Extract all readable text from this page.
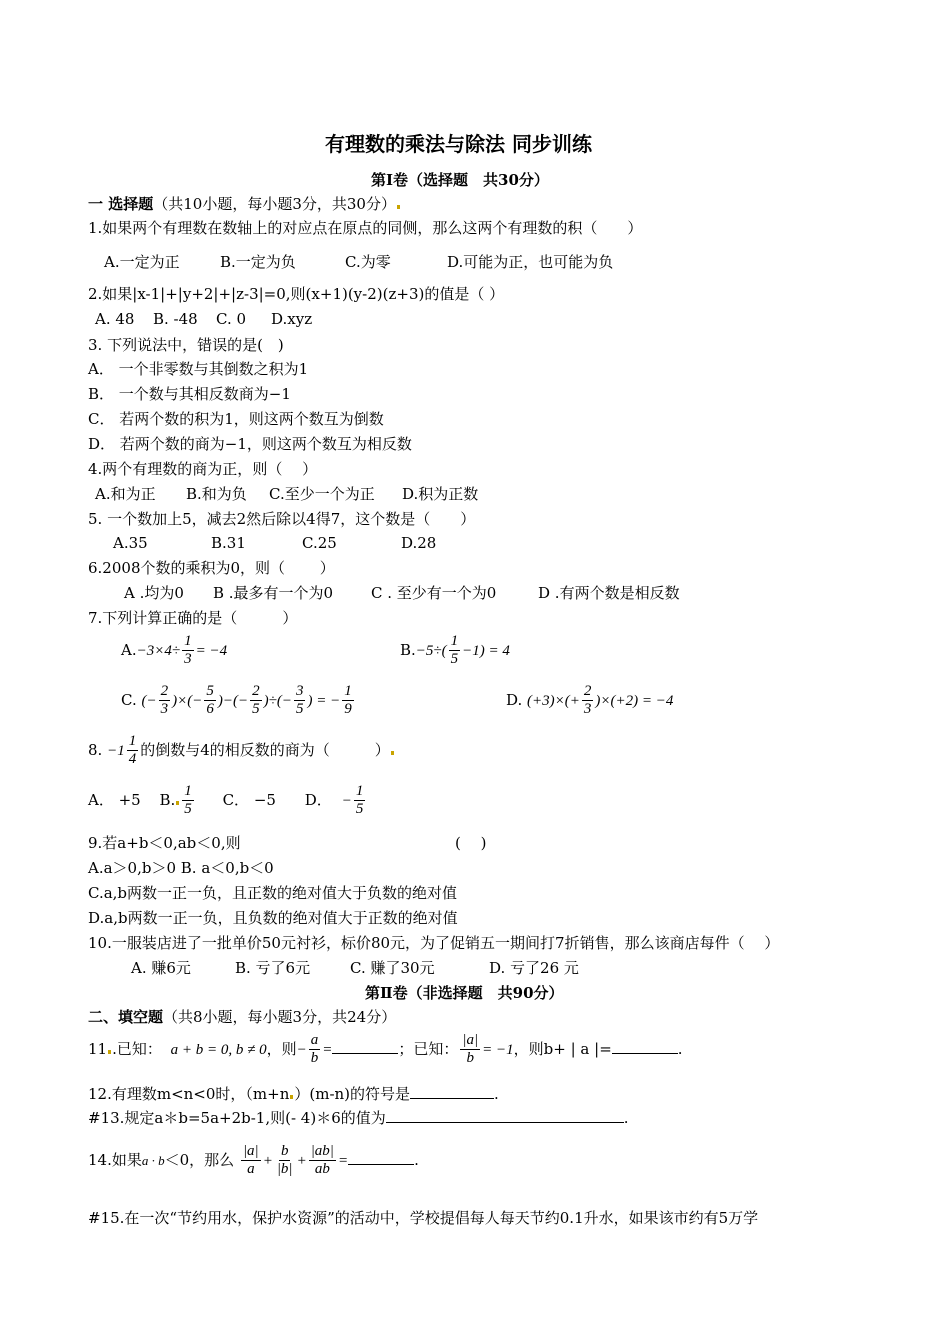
有理数的乘法与除法 同步训练
第Ⅰ卷（选择题　共30分）
一 选择题（共10小题，每小题3分，共30分）
1.如果两个有理数在数轴上的对应点在原点的同侧，那么这两个有理数的积（　　）
A.一定为正	B.一定为负	C.为零	D.可能为正，也可能为负
2.如果|x-1|+|y+2|+|z-3|=0,则(x+1)(y-2)(z+3)的值是（ ）
A. 48 B. -48 C. 0 D.xyz
3. 下列说法中，错误的是(　)
A． 一个非零数与其倒数之积为1
B． 一个数与其相反数商为−1
C． 若两个数的积为1，则这两个数互为倒数
D． 若两个数的商为−1，则这两个数互为相反数
4.两个有理数的商为正，则（　 ）
A.和为正 B.和为负 C.至少一个为正 D.积为正数
5. 一个数加上5，减去2然后除以4得7，这个数是（　　）
A.35	B.31	C.25	D.28
6.2008个数的乘积为0，则（　　 ）
A .均为0 B .最多有一个为0	C . 至少有一个为0	D .有两个数是相反数
7.下列计算正确的是（　　　）
$A.-3\times 4\div \frac{1}{3} = -4$	$B.-5\div( \frac{1}{5} -1) = 4$
C. (− $\frac{2}{3}$ )×(− $\frac{5}{6}$ )−(− $\frac{2}{5}$ )÷(− $\frac{3}{5}$ ) = − $\frac{1}{9}$	D. $(+3)\times(+ \frac{2}{3} )\times(+2) = -4$
8. $-1 \frac{1}{4}$ 的倒数与4的相反数的商为（　　　）
A． +5 B. $\frac{1}{5}$ C． −5 D． − $\frac{1}{5}$
9.若a+b＜0,ab＜0,则	(　 )
A.a＞0,b＞0 B. a＜0,b＜0
C.a,b两数一正一负，且正数的绝对值大于负数的绝对值
D.a,b两数一正一负，且负数的绝对值大于正数的绝对值
10.一服装店进了一批单价50元衬衫，标价80元，为了促销五一期间打7折销售，那么该商店每件（　 ）
A. 赚6元	B. 亏了6元	C. 赚了30元	D. 亏了26 元
第Ⅱ卷（非选择题　共90分）
二、填空题（共8小题，每小题3分，共24分）
11 .已知： a + b = 0, b ≠ 0，则− $\frac{a}{b}$ =	；已知： $\frac{|a|}{b} = -1$，则b+ | a |=	.
12.有理数m<n<0时，（m+n ）(m-n)的符号是	.
#13.规定a＊b=5a+2b-1,则(- 4)＊6的值为	.
14.如果a · b＜0，那么 $\frac{|a|}{a} + \frac{b}{|b|} + \frac{|ab|}{ab}$ =	.
#15.在一次“节约用水，保护水资源”的活动中，学校提倡每人每天节约0.1升水，如果该市约有5万学
